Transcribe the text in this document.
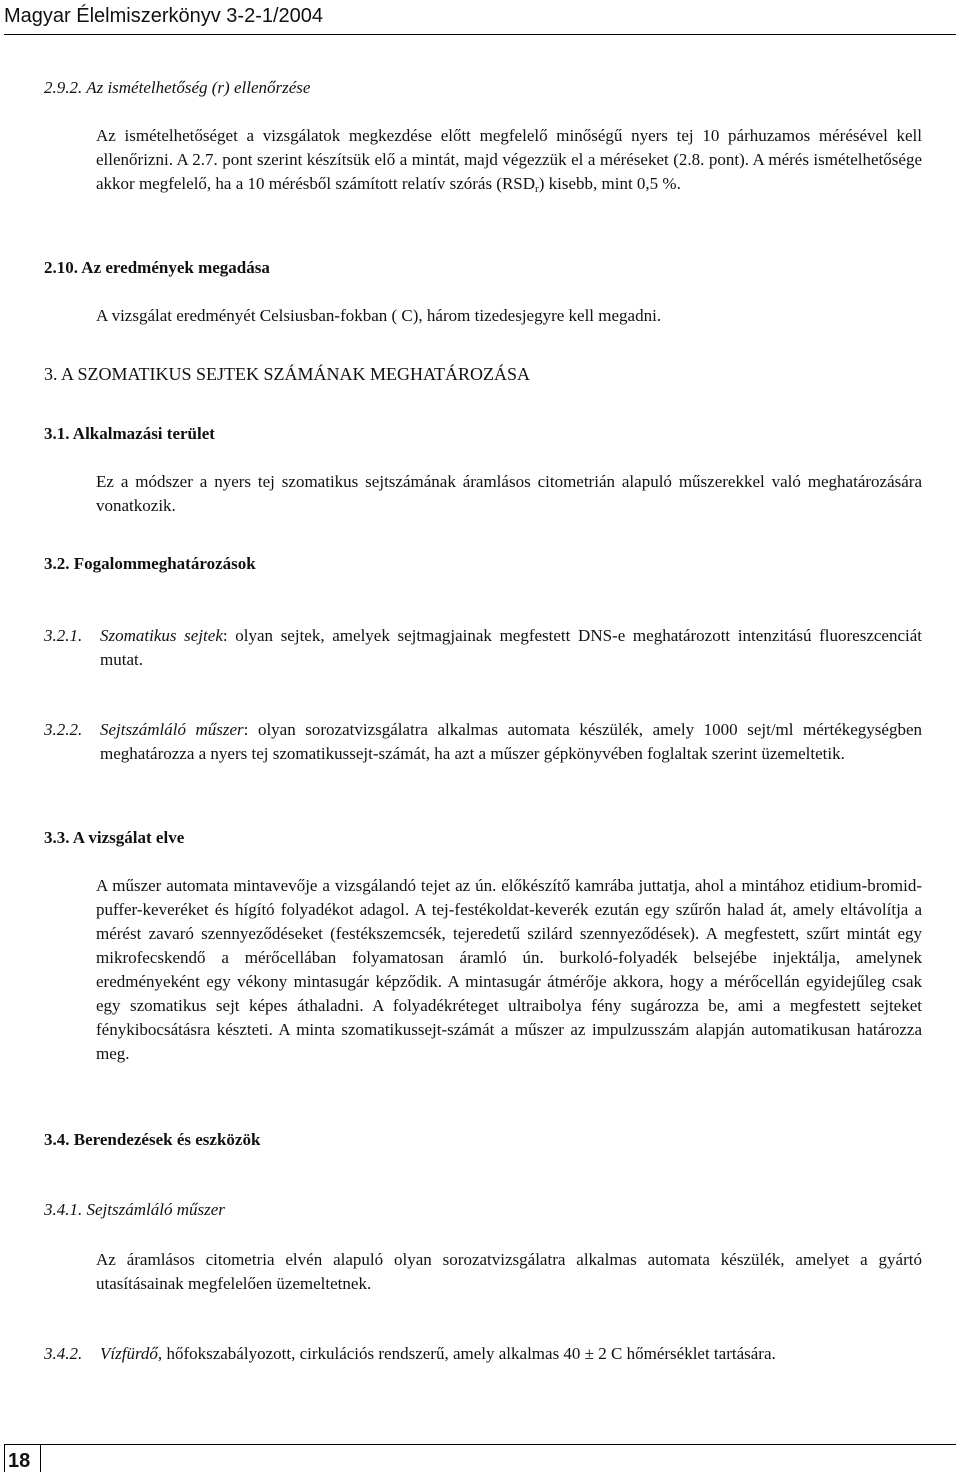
Magyar Élelmiszerkönyv 3-2-1/2004
2.9.2. Az ismételhetőség (r) ellenőrzése
Az ismételhetőséget a vizsgálatok megkezdése előtt megfelelő minőségű nyers tej 10 párhuzamos mérésével kell ellenőrizni. A 2.7. pont szerint készítsük elő a mintát, majd végezzük el a méréseket (2.8. pont). A mérés ismételhetősége akkor megfelelő, ha a 10 mérésből számított relatív szórás $(RSD_r)$ kisebb, mint 0,5 %.
2.10. Az eredmények megadása
A vizsgálat eredményét Celsiusban-fokban ( C), három tizedesjegyre kell megadni.
3. A SZOMATIKUS SEJTEK SZÁMÁNAK MEGHATÁROZÁSA
3.1. Alkalmazási terület
Ez a módszer a nyers tej szomatikus sejtszámának áramlásos citometrián alapuló műszerekkel való meghatározására vonatkozik.
3.2. Fogalommeghatározások
3.2.1. Szomatikus sejtek: olyan sejtek, amelyek sejtmagjainak megfestett DNS-e meghatározott intenzitású fluoreszcenciát mutat.
3.2.2. Sejtszámláló műszer: olyan sorozatvizsgálatra alkalmas automata készülék, amely 1000 sejt/ml mértékegységben meghatározza a nyers tej szomatikussejt-számát, ha azt a műszer gépkönyvében foglaltak szerint üzemeltetik.
3.3. A vizsgálat elve
A műszer automata mintavevője a vizsgálandó tejet az ún. előkészítő kamrába juttatja, ahol a mintához etidium-bromid-puffer-keveréket és hígító folyadékot adagol. A tej-festékoldat-keverék ezután egy szűrőn halad át, amely eltávolítja a mérést zavaró szennyeződéseket (festékszemcsék, tejeredetű szilárd szennyeződések). A megfestett, szűrt mintát egy mikrofecskendő a mérőcellában folyamatosan áramló ún. burkoló-folyadék belsejébe injektálja, amelynek eredményeként egy vékony mintasugár képződik. A mintasugár átmérője akkora, hogy a mérőcellán egyidejűleg csak egy szomatikus sejt képes áthaladni. A folyadékréteget ultraibolya fény sugározza be, ami a megfestett sejteket fénykibocsátásra készteti. A minta szomatikussejt-számát a műszer az impulzusszám alapján automatikusan határozza meg.
3.4. Berendezések és eszközök
3.4.1. Sejtszámláló műszer
Az áramlásos citometria elvén alapuló olyan sorozatvizsgálatra alkalmas automata készülék, amelyet a gyártó utasításainak megfelelően üzemeltetnek.
3.4.2. Vízfürdő, hőfokszabályozott, cirkulációs rendszerű, amely alkalmas 40 ± 2 C hőmérséklet tartására.
18
